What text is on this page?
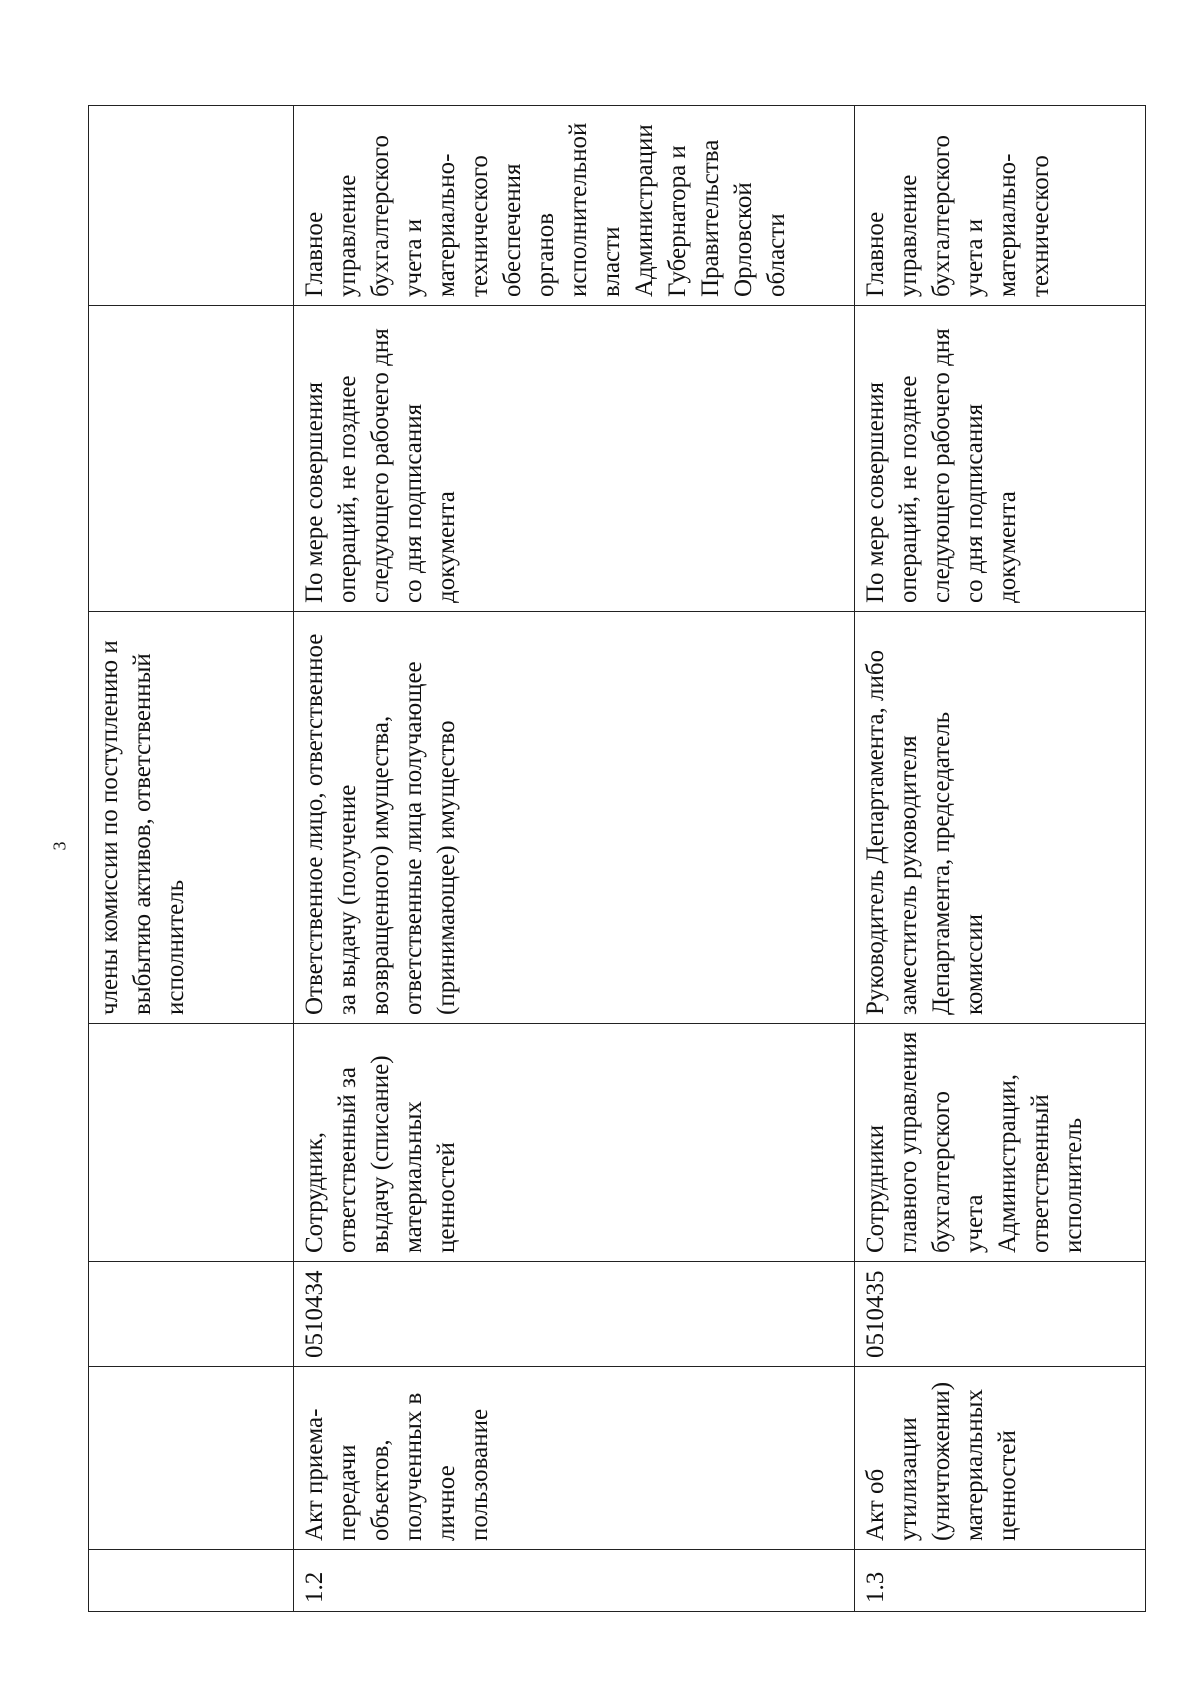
3
				члены комиссии по поступлению и выбытию активов, ответственный исполнитель		
1.2	Акт приема-передачи объектов, полученных в личное пользование	0510434	Сотрудник, ответственный за выдачу (списание) материальных ценностей	Ответственное лицо, ответственное за выдачу (получение возвращенного) имущества, ответственные лица получающее (принимающее) имущество	По мере совершения операций, не позднее следующего рабочего дня со дня подписания документа	Главное управление бухгалтерского учета и материально-технического обеспечения органов исполнительной власти Администрации Губернатора и Правительства Орловской области
1.3	Акт об утилизации (уничтожении) материальных ценностей	0510435	Сотрудники главного управления бухгалтерского учета Администрации, ответственный исполнитель	Руководитель Департамента, либо заместитель руководителя Департамента, председатель комиссии	По мере совершения операций, не позднее следующего рабочего дня со дня подписания документа	Главное управление бухгалтерского учета и материально-технического
